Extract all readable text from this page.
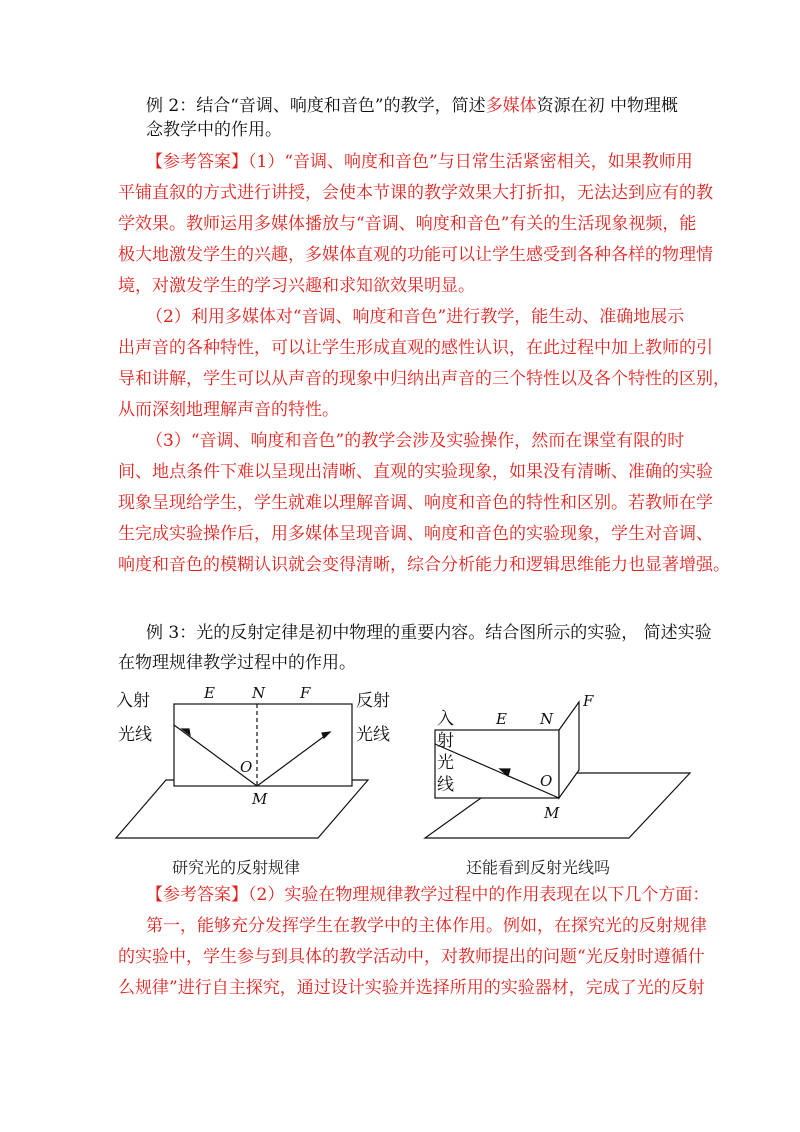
例 2：结合“音调、响度和音色”的教学，简述多媒体资源在初 中物理概
念教学中的作用。
【参考答案】（1）“音调、响度和音色”与日常生活紧密相关，如果教师用
平铺直叙的方式进行讲授，会使本节课的教学效果大打折扣，无法达到应有的教
学效果。教师运用多媒体播放与“音调、响度和音色”有关的生活现象视频，能
极大地激发学生的兴趣，多媒体直观的功能可以让学生感受到各种各样的物理情
境，对激发学生的学习兴趣和求知欲效果明显。
（2）利用多媒体对“音调、响度和音色”进行教学，能生动、准确地展示
出声音的各种特性，可以让学生形成直观的感性认识，在此过程中加上教师的引
导和讲解，学生可以从声音的现象中归纳出声音的三个特性以及各个特性的区别，
从而深刻地理解声音的特性。
（3）“音调、响度和音色”的教学会涉及实验操作，然而在课堂有限的时
间、地点条件下难以呈现出清晰、直观的实验现象，如果没有清晰、准确的实验
现象呈现给学生，学生就难以理解音调、响度和音色的特性和区别。若教师在学
生完成实验操作后，用多媒体呈现音调、响度和音色的实验现象，学生对音调、
响度和音色的模糊认识就会变得清晰，综合分析能力和逻辑思维能力也显著增强。
例 3：光的反射定律是初中物理的重要内容。结合图所示的实验， 简述实验
在物理规律教学过程中的作用。
入射
光线
反射
光线
E N F
O
M
入
射
光
线
E N
F
O
M
研究光的反射规律	还能看到反射光线吗
【参考答案】（2）实验在物理规律教学过程中的作用表现在以下几个方面：
第一，能够充分发挥学生在教学中的主体作用。例如，在探究光的反射规律
的实验中，学生参与到具体的教学活动中，对教师提出的问题“光反射时遵循什
么规律”进行自主探究，通过设计实验并选择所用的实验器材，完成了光的反射
